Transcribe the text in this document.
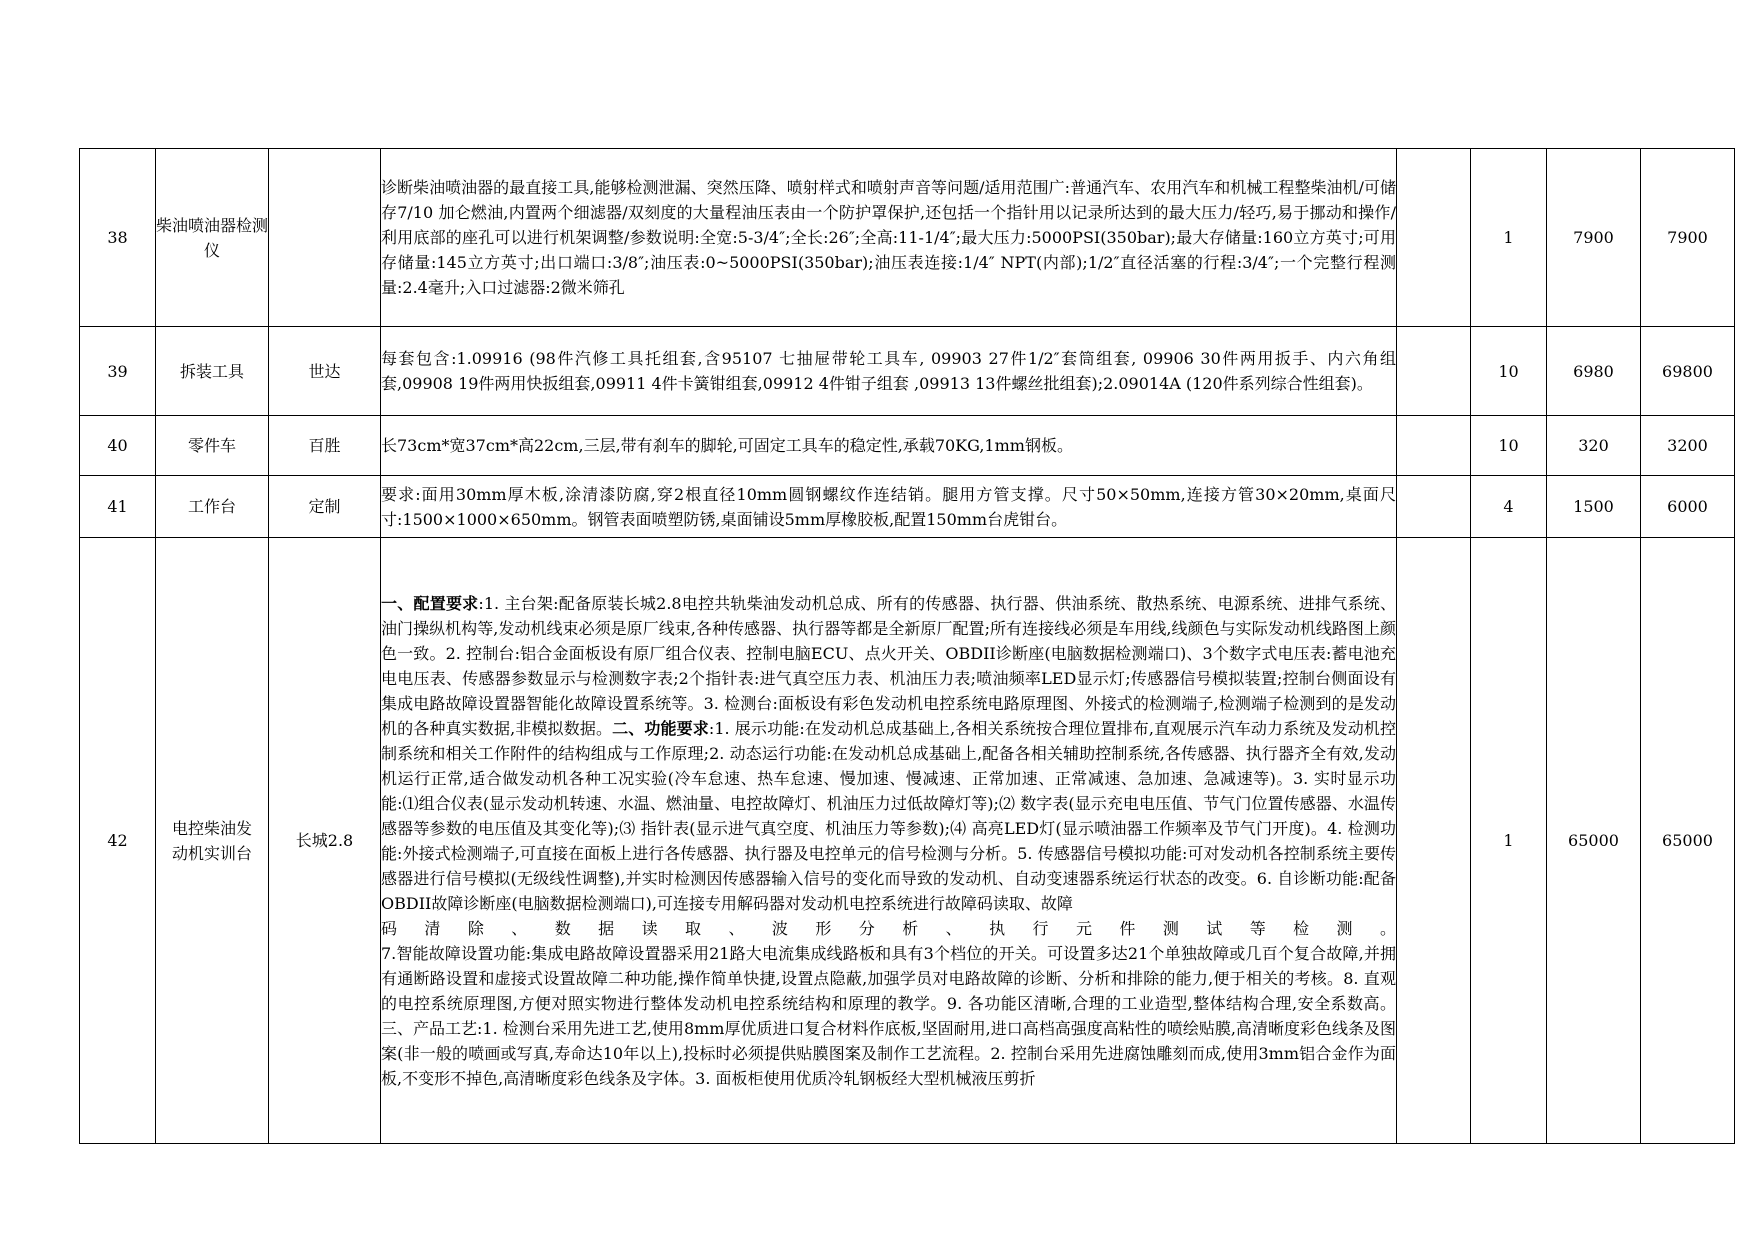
38	柴油喷油器检测仪		诊断柴油喷油器的最直接工具,能够检测泄漏、突然压降、喷射样式和喷射声音等问题/适用范围广:普通汽车、农用汽车和机械工程整柴油机/可储存7/10 加仑燃油,内置两个细滤器/双刻度的大量程油压表由一个防护罩保护,还包括一个指针用以记录所达到的最大压力/轻巧,易于挪动和操作/利用底部的座孔可以进行机架调整/参数说明:全宽:5-3/4″;全长:26″;全高:11-1/4″;最大压力:5000PSI(350bar);最大存储量:160立方英寸;可用存储量:145立方英寸;出口端口:3/8″;油压表:0~5000PSI(350bar);油压表连接:1/4″ NPT(内部);1/2″直径活塞的行程:3/4″;一个完整行程测量:2.4毫升;入口过滤器:2微米筛孔		1	7900	7900
39	拆装工具	世达	每套包含:1.09916 (98件汽修工具托组套,含95107 七抽屉带轮工具车, 09903 27件1/2″套筒组套, 09906 30件两用扳手、内六角组套,09908 19件两用快扳组套,09911 4件卡簧钳组套,09912 4件钳子组套 ,09913 13件螺丝批组套);2.09014A (120件系列综合性组套)。		10	6980	69800
40	零件车	百胜	长73cm*宽37cm*高22cm,三层,带有刹车的脚轮,可固定工具车的稳定性,承载70KG,1mm钢板。		10	320	3200
41	工作台	定制	要求:面用30mm厚木板,涂清漆防腐,穿2根直径10mm圆钢螺纹作连结销。腿用方管支撑。尺寸50×50mm,连接方管30×20mm,桌面尺寸:1500×1000×650mm。钢管表面喷塑防锈,桌面铺设5mm厚橡胶板,配置150mm台虎钳台。		4	1500	6000
42	电控柴油发动机实训台	长城2.8	一、配置要求:1. 主台架:配备原装长城2.8电控共轨柴油发动机总成、所有的传感器、执行器、供油系统、散热系统、电源系统、进排气系统、油门操纵机构等,发动机线束必须是原厂线束,各种传感器、执行器等都是全新原厂配置;所有连接线必须是车用线,线颜色与实际发动机线路图上颜色一致。2. 控制台:铝合金面板设有原厂组合仪表、控制电脑ECU、点火开关、OBDII诊断座(电脑数据检测端口)、3个数字式电压表:蓄电池充电电压表、传感器参数显示与检测数字表;2个指针表:进气真空压力表、机油压力表;喷油频率LED显示灯;传感器信号模拟装置;控制台侧面设有集成电路故障设置器智能化故障设置系统等。3. 检测台:面板设有彩色发动机电控系统电路原理图、外接式的检测端子,检测端子检测到的是发动机的各种真实数据,非模拟数据。二、功能要求:1. 展示功能:在发动机总成基础上,各相关系统按合理位置排布,直观展示汽车动力系统及发动机控制系统和相关工作附件的结构组成与工作原理;2. 动态运行功能:在发动机总成基础上,配备各相关辅助控制系统,各传感器、执行器齐全有效,发动机运行正常,适合做发动机各种工况实验(冷车怠速、热车怠速、慢加速、慢减速、正常加速、正常减速、急加速、急减速等)。3. 实时显示功能:⑴组合仪表(显示发动机转速、水温、燃油量、电控故障灯、机油压力过低故障灯等);⑵ 数字表(显示充电电压值、节气门位置传感器、水温传感器等参数的电压值及其变化等);⑶ 指针表(显示进气真空度、机油压力等参数);⑷ 高亮LED灯(显示喷油器工作频率及节气门开度)。4. 检测功能:外接式检测端子,可直接在面板上进行各传感器、执行器及电控单元的信号检测与分析。5. 传感器信号模拟功能:可对发动机各控制系统主要传感器进行信号模拟(无级线性调整),并实时检测因传感器输入信号的变化而导致的发动机、自动变速器系统运行状态的改变。6. 自诊断功能:配备OBDII故障诊断座(电脑数据检测端口),可连接专用解码器对发动机电控系统进行故障码读取、故障
码 清 除 、 数 据 读 取 、 波 形 分 析 、 执 行 元 件 测 试 等 检 测 。
7.智能故障设置功能:集成电路故障设置器采用21路大电流集成线路板和具有3个档位的开关。可设置多达21个单独故障或几百个复合故障,并拥有通断路设置和虚接式设置故障二种功能,操作简单快捷,设置点隐蔽,加强学员对电路故障的诊断、分析和排除的能力,便于相关的考核。8. 直观的电控系统原理图,方便对照实物进行整体发动机电控系统结构和原理的教学。9. 各功能区清晰,合理的工业造型,整体结构合理,安全系数高。三、产品工艺:1. 检测台采用先进工艺,使用8mm厚优质进口复合材料作底板,坚固耐用,进口高档高强度高粘性的喷绘贴膜,高清晰度彩色线条及图案(非一般的喷画或写真,寿命达10年以上),投标时必须提供贴膜图案及制作工艺流程。2. 控制台采用先进腐蚀雕刻而成,使用3mm铝合金作为面板,不变形不掉色,高清晰度彩色线条及字体。3. 面板柜使用优质冷轧钢板经大型机械液压剪折		1	65000	65000
